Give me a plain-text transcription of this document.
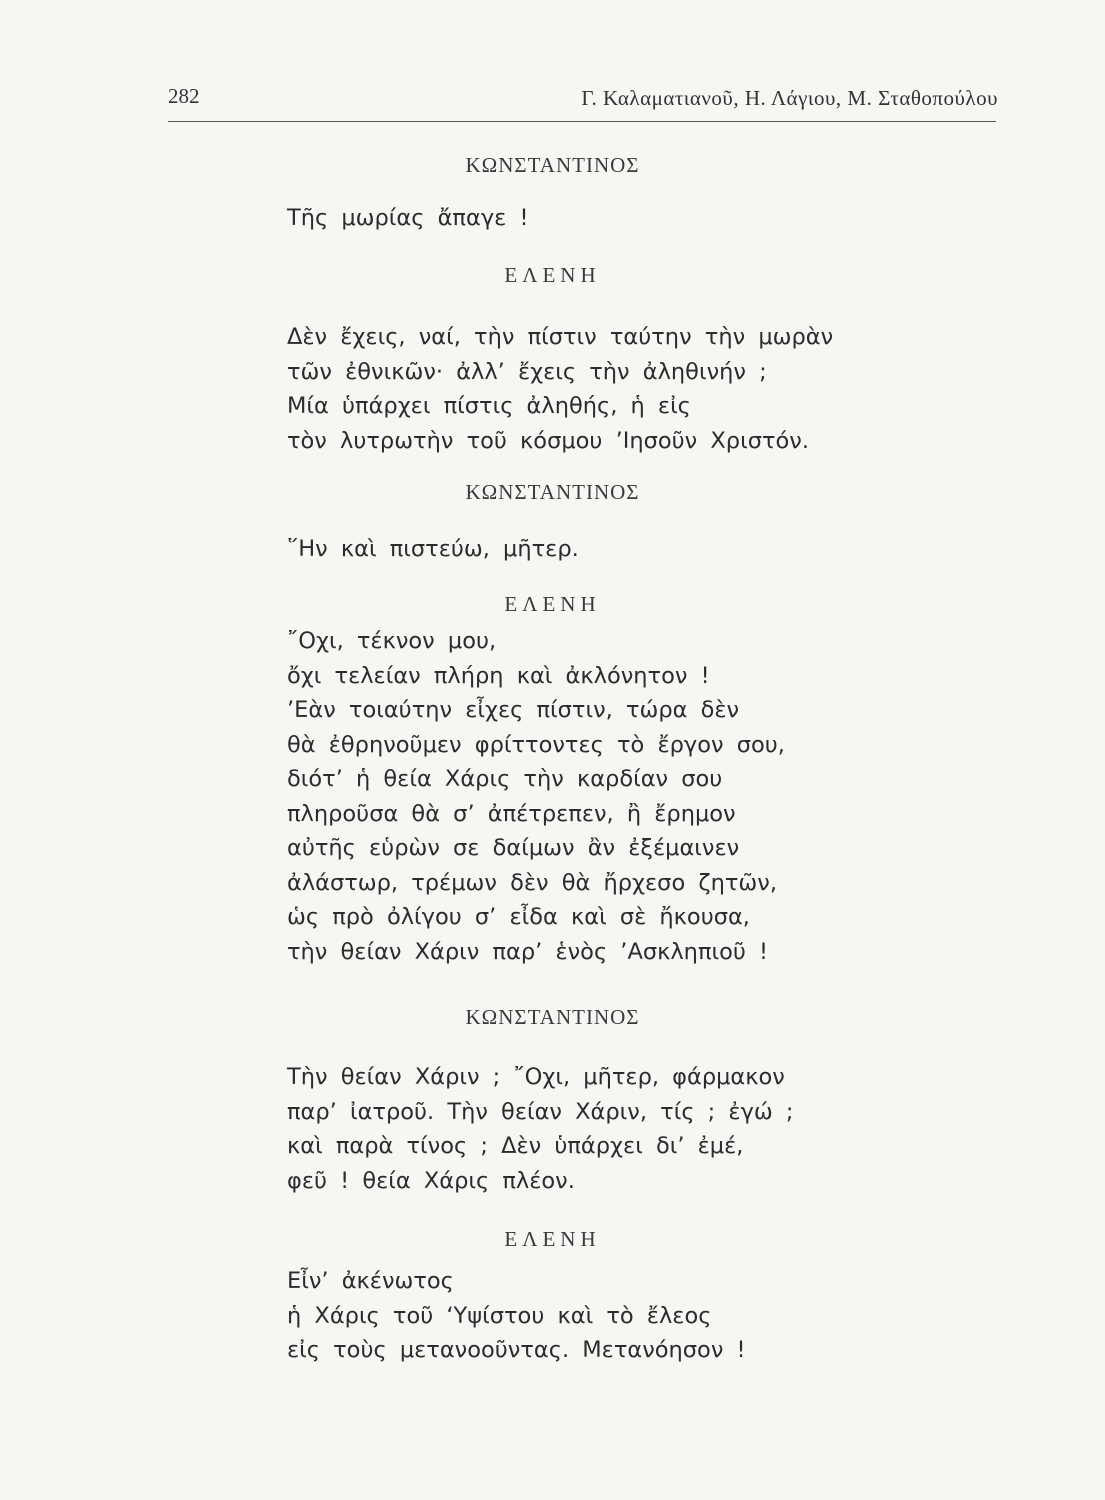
282	Γ. Καλαματιανοῦ, Η. Λάγιου, Μ. Σταθοπούλου
ΚΩΝΣΤΑΝΤΙΝΟΣ
Τῆς μωρίας ἄπαγε !
ΕΛΕΝΗ
Δὲν ἔχεις, ναί, τὴν πίστιν ταύτην τὴν μωρὰν
τῶν ἐθνικῶν· ἀλλ’ ἔχεις τὴν ἀληθινήν ;
Μία ὑπάρχει πίστις ἀληθής, ἡ εἰς
τὸν λυτρωτὴν τοῦ κόσμου ’Ιησοῦν Χριστόν.
ΚΩΝΣΤΑΝΤΙΝΟΣ
῞Ην καὶ πιστεύω, μῆτερ.
ΕΛΕΝΗ
῎Οχι, τέκνον μου,
ὄχι τελείαν πλήρη καὶ ἀκλόνητον !
’Εὰν τοιαύτην εἶχες πίστιν, τώρα δὲν
θὰ ἐθρηνοῦμεν φρίττοντες τὸ ἔργον σου,
διότ’ ἡ θεία Χάρις τὴν καρδίαν σου
πληροῦσα θὰ σ’ ἀπέτρεπεν, ἢ ἔρημον
αὐτῆς εὑρὼν σε δαίμων ἂν ἐξέμαινεν
ἀλάστωρ, τρέμων δὲν θὰ ἤρχεσο ζητῶν,
ὡς πρὸ ὀλίγου σ’ εἶδα καὶ σὲ ἤκουσα,
τὴν θείαν Χάριν παρ’ ἑνὸς ’Ασκληπιοῦ !
ΚΩΝΣΤΑΝΤΙΝΟΣ
Τὴν θείαν Χάριν ; ῎Οχι, μῆτερ, φάρμακον
παρ’ ἰατροῦ. Τὴν θείαν Χάριν, τίς ; ἐγώ ;
καὶ παρὰ τίνος ; Δὲν ὑπάρχει δι’ ἐμέ,
φεῦ ! θεία Χάρις πλέον.
ΕΛΕΝΗ
Εἶν’ ἀκένωτος
ἡ Χάρις τοῦ ‘Υψίστου καὶ τὸ ἔλεος
εἰς τοὺς μετανοοῦντας. Μετανόησον !
